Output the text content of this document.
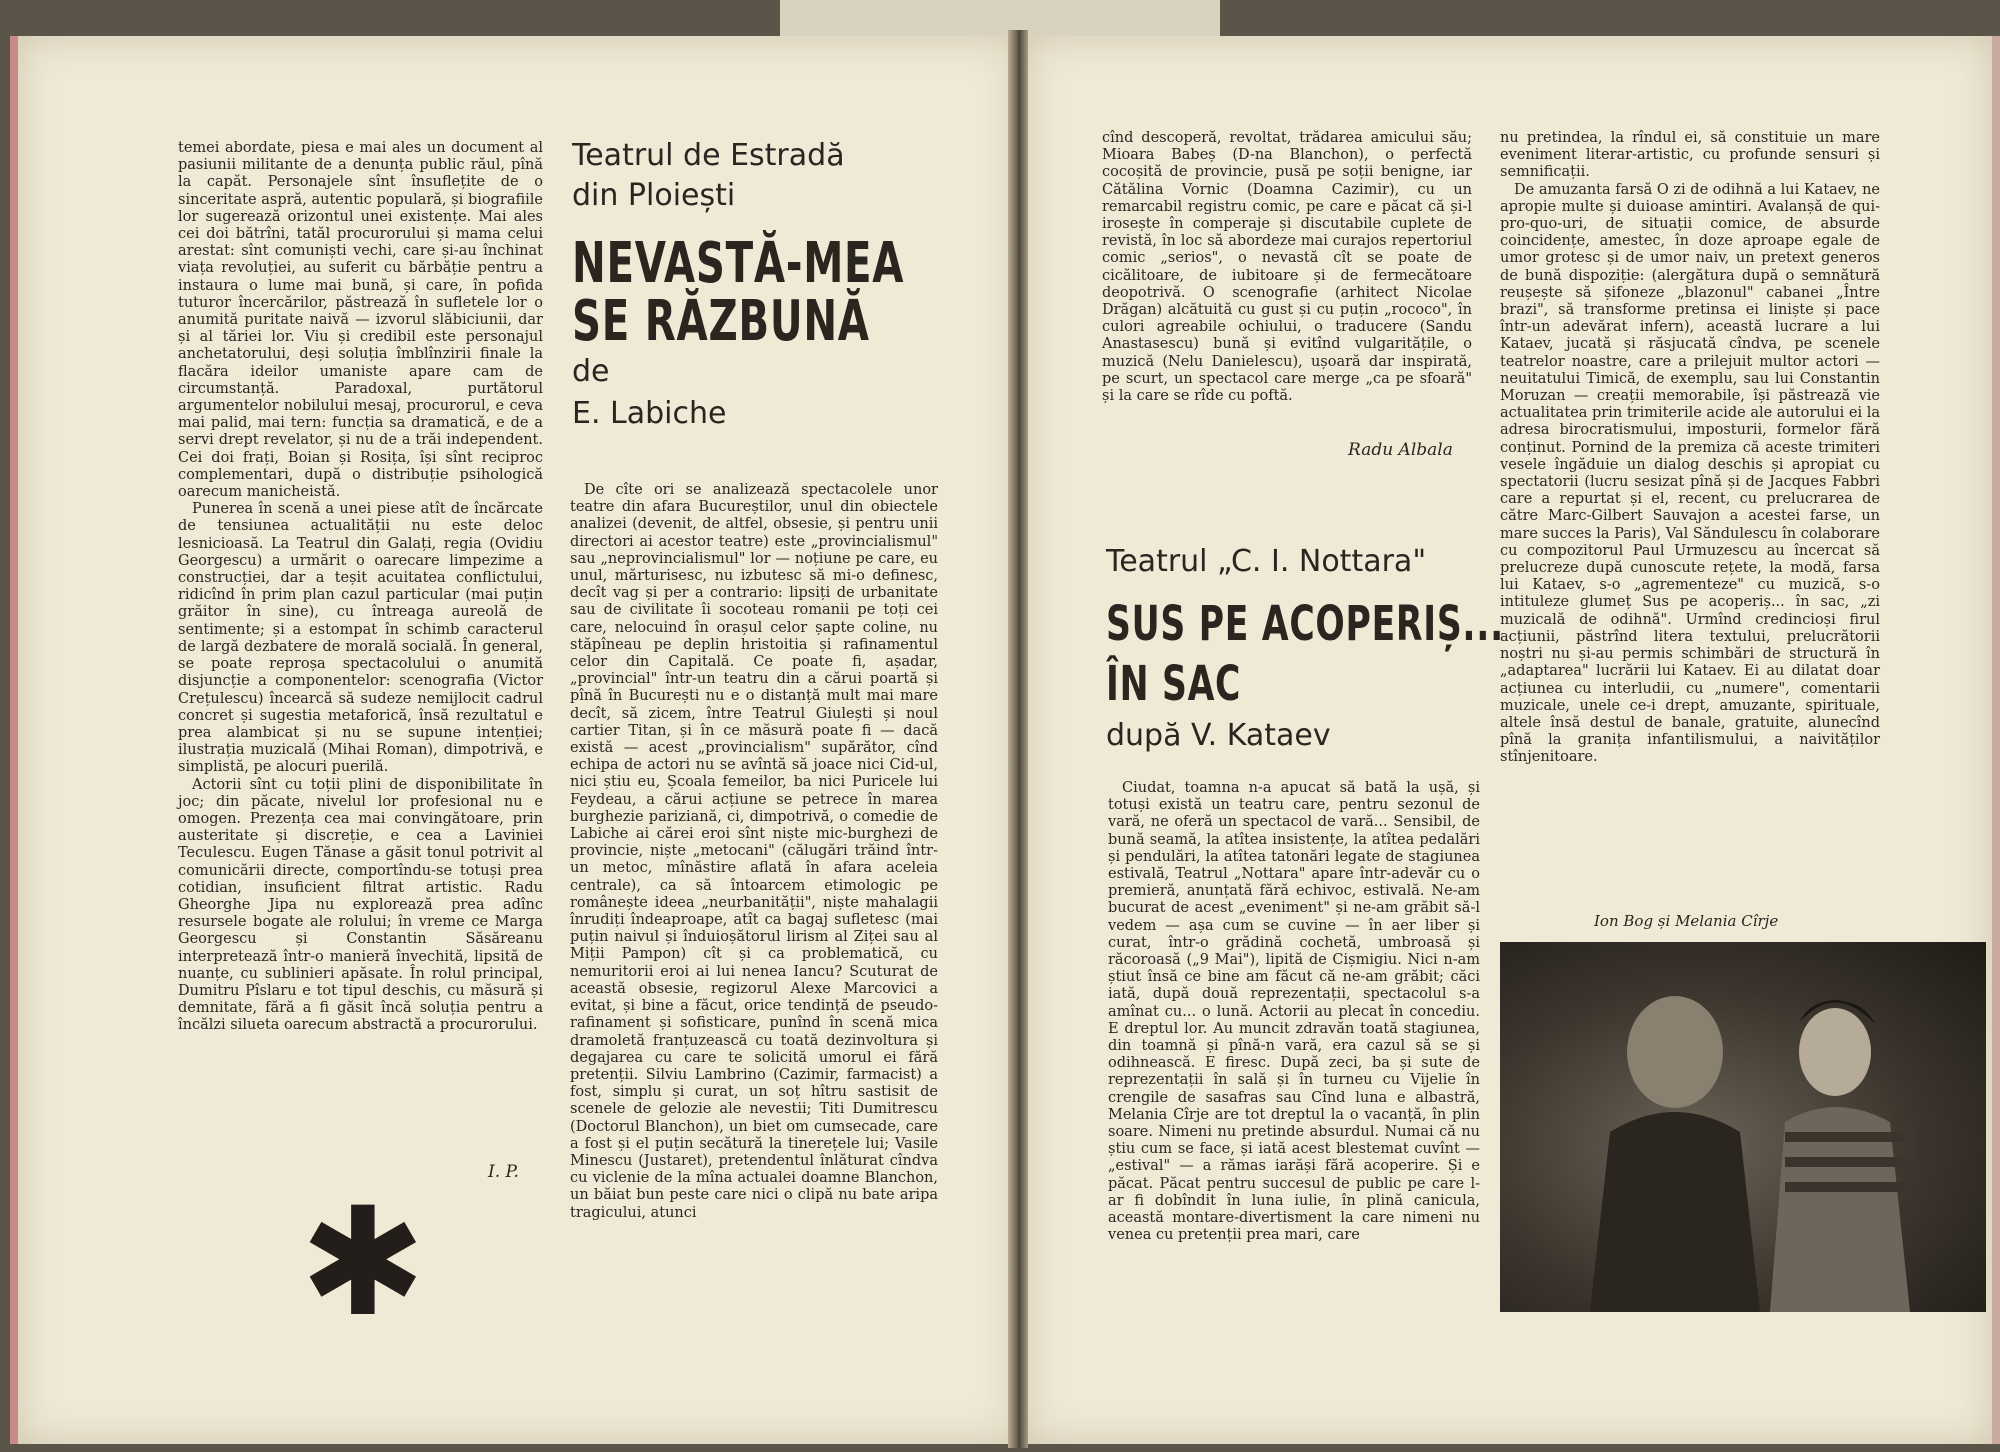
temei abordate, piesa e mai ales un document al pasiunii militante de a denunța public răul, pînă la capăt. Personajele sînt însuflețite de o sinceritate aspră, autentic populară, și biografiile lor sugerează orizontul unei existențe. Mai ales cei doi bătrîni, tatăl procurorului și mama celui arestat: sînt comuniști vechi, care și-au închinat viața revoluției, au suferit cu bărbăție pentru a instaura o lume mai bună, și care, în pofida tuturor încercărilor, păstrează în sufletele lor o anumită puritate naivă — izvorul slăbiciunii, dar și al tăriei lor. Viu și credibil este personajul anchetatorului, deși soluția îmblînzirii finale la flacăra ideilor umaniste apare cam de circumstanță. Paradoxal, purtătorul argumentelor nobilului mesaj, procurorul, e ceva mai palid, mai tern: funcția sa dramatică, e de a servi drept revelator, și nu de a trăi independent. Cei doi frați, Boian și Rosița, își sînt reciproc complementari, după o distribuție psihologică oarecum manicheistă.

Punerea în scenă a unei piese atît de încărcate de tensiunea actualității nu este deloc lesnicioasă. La Teatrul din Galați, regia (Ovidiu Georgescu) a urmărit o oarecare limpezime a construcției, dar a teșit acuitatea conflictului, ridicînd în prim plan cazul particular (mai puțin grăitor în sine), cu întreaga aureolă de sentimente; și a estompat în schimb caracterul de largă dezbatere de morală socială. În general, se poate reproșa spectacolului o anumită disjuncție a componentelor: scenografia (Victor Crețulescu) încearcă să sudeze nemijlocit cadrul concret și sugestia metaforică, însă rezultatul e prea alambicat și nu se supune intenției; ilustrația muzicală (Mihai Roman), dimpotrivă, e simplistă, pe alocuri puerilă.

Actorii sînt cu toții plini de disponibilitate în joc; din păcate, nivelul lor profesional nu e omogen. Prezența cea mai convingătoare, prin austeritate și discreție, e cea a Laviniei Teculescu. Eugen Tănase a găsit tonul potrivit al comunicării directe, comportîndu-se totuși prea cotidian, insuficient filtrat artistic. Radu Gheorghe Jipa nu explorează prea adînc resursele bogate ale rolului; în vreme ce Marga Georgescu și Constantin Săsăreanu interpretează într-o manieră învechită, lipsită de nuanțe, cu sublinieri apăsate. În rolul principal, Dumitru Pîslaru e tot tipul deschis, cu măsură și demnitate, fără a fi găsit încă soluția pentru a încălzi silueta oarecum abstractă a procurorului.

I. P.
✱
Teatrul de Estradă
din Ploiești
NEVASTĂ-MEA
SE RĂZBUNĂ
de
E. Labiche

De cîte ori se analizează spectacolele unor teatre din afara Bucureștilor, unul din obiectele analizei (devenit, de altfel, obsesie, și pentru unii directori ai acestor teatre) este „provincialismul" sau „neprovincialismul" lor — noțiune pe care, eu unul, mărturisesc, nu izbutesc să mi-o definesc, decît vag și per a contrario: lipsiți de urbanitate sau de civilitate îi socoteau romanii pe toți cei care, nelocuind în orașul celor șapte coline, nu stăpîneau pe deplin hristoitia și rafinamentul celor din Capitală. Ce poate fi, așadar, „provincial" într-un teatru din a cărui poartă și pînă în București nu e o distanță mult mai mare decît, să zicem, între Teatrul Giulești și noul cartier Titan, și în ce măsură poate fi — dacă există — acest „provincialism" supărător, cînd echipa de actori nu se avîntă să joace nici Cid-ul, nici știu eu, Școala femeilor, ba nici Puricele lui Feydeau, a cărui acțiune se petrece în marea burghezie pariziană, ci, dimpotrivă, o comedie de Labiche ai cărei eroi sînt niște mic-burghezi de provincie, niște „metocani" (călugări trăind într-un metoc, mînăstire aflată în afara aceleia centrale), ca să întoarcem etimologic pe românește ideea „neurbanității", niște mahalagii înrudiți îndeaproape, atît ca bagaj sufletesc (mai puțin naivul și înduioșătorul lirism al Ziței sau al Miții Pampon) cît și ca problematică, cu nemuritorii eroi ai lui nenea Iancu? Scuturat de această obsesie, regizorul Alexe Marcovici a evitat, și bine a făcut, orice tendință de pseudo-rafinament și sofisticare, punînd în scenă mica dramoletă franțuzească cu toată dezinvoltura și degajarea cu care te solicită umorul ei fără pretenții. Silviu Lambrino (Cazimir, farmacist) a fost, simplu și curat, un soț hîtru sastisit de scenele de gelozie ale nevestii; Titi Dumitrescu (Doctorul Blanchon), un biet om cumsecade, care a fost și el puțin secătură la tinerețele lui; Vasile Minescu (Justaret), pretendentul înlăturat cîndva cu viclenie de la mîna actualei doamne Blanchon, un băiat bun peste care nici o clipă nu bate aripa tragicului, atunci

cînd descoperă, revoltat, trădarea amicului său; Mioara Babeș (D-na Blanchon), o perfectă cocoșită de provincie, pusă pe soții benigne, iar Cătălina Vornic (Doamna Cazimir), cu un remarcabil registru comic, pe care e păcat că și-l irosește în comperaje și discutabile cuplete de revistă, în loc să abordeze mai curajos repertoriul comic „serios", o nevastă cît se poate de cicălitoare, de iubitoare și de fermecătoare deopotrivă. O scenografie (arhitect Nicolae Drăgan) alcătuită cu gust și cu puțin „rococo", în culori agreabile ochiului, o traducere (Sandu Anastasescu) bună și evitînd vulgaritățile, o muzică (Nelu Danielescu), ușoară dar inspirată, pe scurt, un spectacol care merge „ca pe sfoară" și la care se rîde cu poftă.

Radu Albala
Teatrul „C. I. Nottara"
SUS PE ACOPERIȘ...
ÎN SAC
după V. Kataev

Ciudat, toamna n-a apucat să bată la ușă, și totuși există un teatru care, pentru sezonul de vară, ne oferă un spectacol de vară... Sensibil, de bună seamă, la atîtea insistențe, la atîtea pedalări și pendulări, la atîtea tatonări legate de stagiunea estivală, Teatrul „Nottara" apare într-adevăr cu o premieră, anunțată fără echivoc, estivală. Ne-am bucurat de acest „eveniment" și ne-am grăbit să-l vedem — așa cum se cuvine — în aer liber și curat, într-o grădină cochetă, umbroasă și răcoroasă („9 Mai"), lipită de Cișmigiu. Nici n-am știut însă ce bine am făcut că ne-am grăbit; căci iată, după două reprezentații, spectacolul s-a amînat cu... o lună. Actorii au plecat în concediu. E dreptul lor. Au muncit zdravăn toată stagiunea, din toamnă și pînă-n vară, era cazul să se și odihnească. E firesc. După zeci, ba și sute de reprezentații în sală și în turneu cu Vijelie în crengile de sasafras sau Cînd luna e albastră, Melania Cîrje are tot dreptul la o vacanță, în plin soare. Nimeni nu pretinde absurdul. Numai că nu știu cum se face, și iată acest blestemat cuvînt — „estival" — a rămas iarăși fără acoperire. Și e păcat. Păcat pentru succesul de public pe care l-ar fi dobîndit în luna iulie, în plină canicula, această montare-divertisment la care nimeni nu venea cu pretenții prea mari, care

nu pretindea, la rîndul ei, să constituie un mare eveniment literar-artistic, cu profunde sensuri și semnificații.

De amuzanta farsă O zi de odihnă a lui Kataev, ne apropie multe și duioase amintiri. Avalanșă de qui-pro-quo-uri, de situații comice, de absurde coincidențe, amestec, în doze aproape egale de umor grotesc și de umor naiv, un pretext generos de bună dispoziție: (alergătura după o semnătură reușește să șifoneze „blazonul" cabanei „Între brazi", să transforme pretinsa ei liniște și pace într-un adevărat infern), această lucrare a lui Kataev, jucată și răsjucată cîndva, pe scenele teatrelor noastre, care a prilejuit multor actori — neuitatului Timică, de exemplu, sau lui Constantin Moruzan — creații memorabile, își păstrează vie actualitatea prin trimiterile acide ale autorului ei la adresa birocratismului, imposturii, formelor fără conținut. Pornind de la premiza că aceste trimiteri vesele îngăduie un dialog deschis și apropiat cu spectatorii (lucru sesizat pînă și de Jacques Fabbri care a repurtat și el, recent, cu prelucrarea de către Marc-Gilbert Sauvajon a acestei farse, un mare succes la Paris), Val Săndulescu în colaborare cu compozitorul Paul Urmuzescu au încercat să prelucreze după cunoscute rețete, la modă, farsa lui Kataev, s-o „agrementeze" cu muzică, s-o intituleze glumeț Sus pe acoperiș... în sac, „zi muzicală de odihnă". Urmînd credincioși firul acțiunii, păstrînd litera textului, prelucrătorii noștri nu și-au permis schimbări de structură în „adaptarea" lucrării lui Kataev. Ei au dilatat doar acțiunea cu interludii, cu „numere", comentarii muzicale, unele ce-i drept, amuzante, spirituale, altele însă destul de banale, gratuite, alunecînd pînă la granița infantilismului, a naivităților stînjenitoare.

Ion Bog și Melania Cîrje
